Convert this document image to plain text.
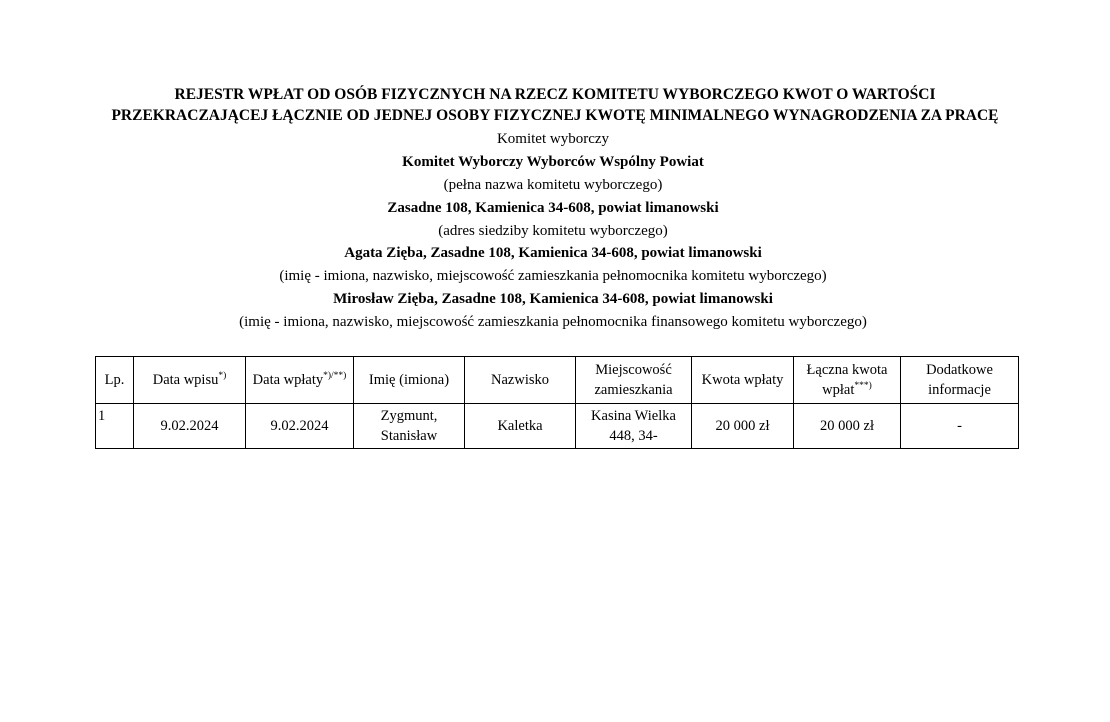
REJESTR WPŁAT OD OSÓB FIZYCZNYCH NA RZECZ KOMITETU WYBORCZEGO KWOT O WARTOŚCI
PRZEKRACZAJĄCEJ ŁĄCZNIE OD JEDNEJ OSOBY FIZYCZNEJ KWOTĘ MINIMALNEGO WYNAGRODZENIA ZA PRACĘ
Komitet wyborczy
Komitet Wyborczy Wyborców Wspólny Powiat
(pełna nazwa komitetu wyborczego)
Zasadne 108, Kamienica 34-608, powiat limanowski
(adres siedziby komitetu wyborczego)
Agata Zięba, Zasadne 108, Kamienica 34-608, powiat limanowski
(imię - imiona, nazwisko, miejscowość zamieszkania pełnomocnika komitetu wyborczego)
Mirosław Zięba, Zasadne 108, Kamienica 34-608, powiat limanowski
(imię - imiona, nazwisko, miejscowość zamieszkania pełnomocnika finansowego komitetu wyborczego)
Lp.	Data wpisu*)	Data wpłaty*)/**)	Imię (imiona)	Nazwisko	Miejscowość zamieszkania	Kwota wpłaty	Łączna kwota wpłat***)	Dodatkowe informacje
1	9.02.2024	9.02.2024	Zygmunt, Stanisław	Kaletka	Kasina Wielka 448, 34-	20 000 zł	20 000 zł	-
